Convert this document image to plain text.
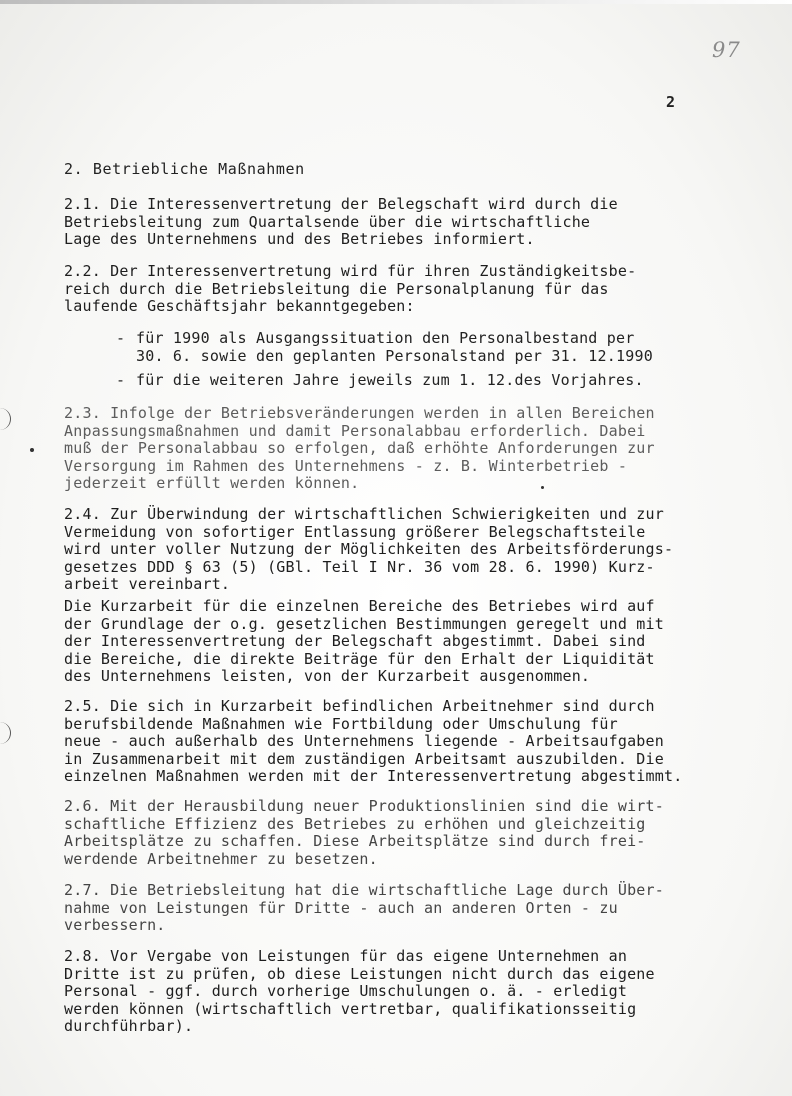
97
2
2. Betriebliche Maßnahmen
2.1. Die Interessenvertretung der Belegschaft wird durch die
Betriebsleitung zum Quartalsende über die wirtschaftliche
Lage des Unternehmens und des Betriebes informiert.
2.2. Der Interessenvertretung wird für ihren Zuständigkeitsbe-
reich durch die Betriebsleitung die Personalplanung für das
laufende Geschäftsjahr bekanntgegeben:
- für 1990 als Ausgangssituation den Personalbestand per
30. 6. sowie den geplanten Personalstand per 31. 12.1990
- für die weiteren Jahre jeweils zum 1. 12.des Vorjahres.
2.3. Infolge der Betriebsveränderungen werden in allen Bereichen
Anpassungsmaßnahmen und damit Personalabbau erforderlich. Dabei
muß der Personalabbau so erfolgen, daß erhöhte Anforderungen zur
Versorgung im Rahmen des Unternehmens - z. B. Winterbetrieb -
jederzeit erfüllt werden können.
2.4. Zur Überwindung der wirtschaftlichen Schwierigkeiten und zur
Vermeidung von sofortiger Entlassung größerer Belegschaftsteile
wird unter voller Nutzung der Möglichkeiten des Arbeitsförderungs-
gesetzes DDD § 63 (5) (GBl. Teil I Nr. 36 vom 28. 6. 1990) Kurz-
arbeit vereinbart.
Die Kurzarbeit für die einzelnen Bereiche des Betriebes wird auf
der Grundlage der o.g. gesetzlichen Bestimmungen geregelt und mit
der Interessenvertretung der Belegschaft abgestimmt. Dabei sind
die Bereiche, die direkte Beiträge für den Erhalt der Liquidität
des Unternehmens leisten, von der Kurzarbeit ausgenommen.
2.5. Die sich in Kurzarbeit befindlichen Arbeitnehmer sind durch
berufsbildende Maßnahmen wie Fortbildung oder Umschulung für
neue - auch außerhalb des Unternehmens liegende - Arbeitsaufgaben
in Zusammenarbeit mit dem zuständigen Arbeitsamt auszubilden. Die
einzelnen Maßnahmen werden mit der Interessenvertretung abgestimmt.
2.6. Mit der Herausbildung neuer Produktionslinien sind die wirt-
schaftliche Effizienz des Betriebes zu erhöhen und gleichzeitig
Arbeitsplätze zu schaffen. Diese Arbeitsplätze sind durch frei-
werdende Arbeitnehmer zu besetzen.
2.7. Die Betriebsleitung hat die wirtschaftliche Lage durch Über-
nahme von Leistungen für Dritte - auch an anderen Orten - zu
verbessern.
2.8. Vor Vergabe von Leistungen für das eigene Unternehmen an
Dritte ist zu prüfen, ob diese Leistungen nicht durch das eigene
Personal - ggf. durch vorherige Umschulungen o. ä. - erledigt
werden können (wirtschaftlich vertretbar, qualifikationsseitig
durchführbar).
